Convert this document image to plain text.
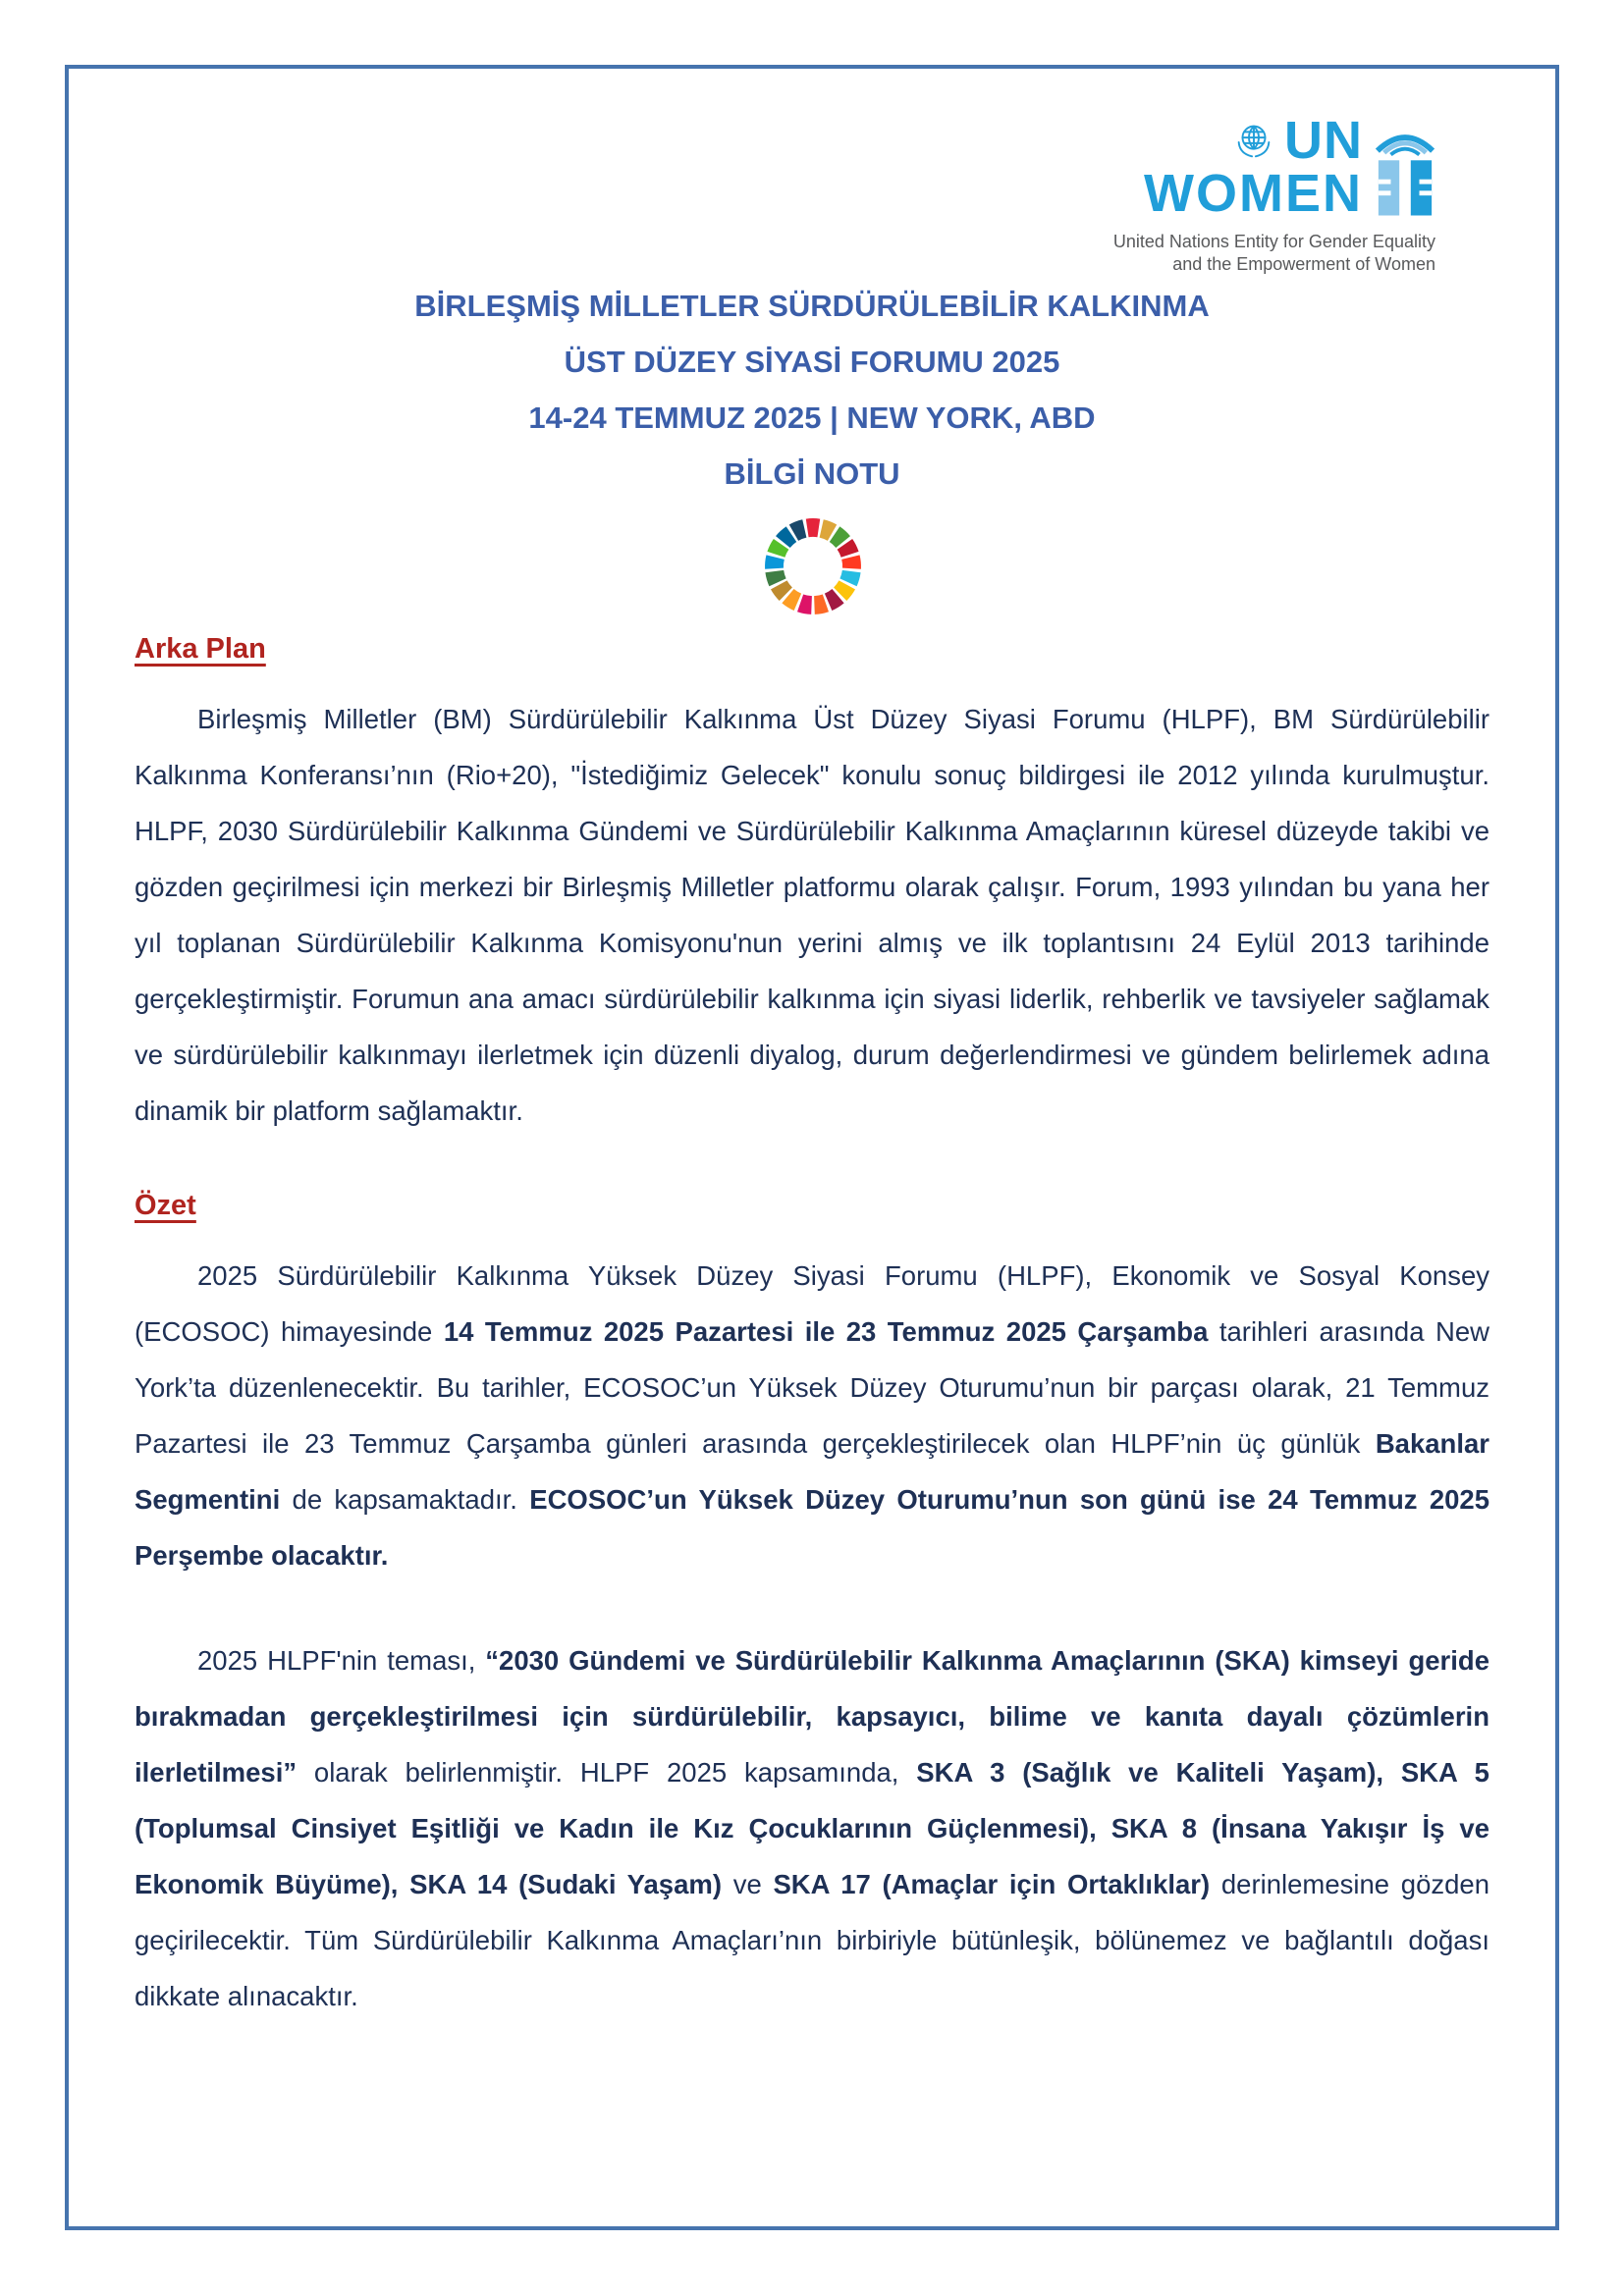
UN
WOMEN
United Nations Entity for Gender Equality
and the Empowerment of Women
BİRLEŞMİŞ MİLLETLER SÜRDÜRÜLEBİLİR KALKINMA
ÜST DÜZEY SİYASİ FORUMU 2025
14-24 TEMMUZ 2025 | NEW YORK, ABD
BİLGİ NOTU
Arka Plan

Birleşmiş Milletler (BM) Sürdürülebilir Kalkınma Üst Düzey Siyasi Forumu (HLPF), BM Sürdürülebilir Kalkınma Konferansı’nın (Rio+20), "İstediğimiz Gelecek" konulu sonuç bildirgesi ile 2012 yılında kurulmuştur. HLPF, 2030 Sürdürülebilir Kalkınma Gündemi ve Sürdürülebilir Kalkınma Amaçlarının küresel düzeyde takibi ve gözden geçirilmesi için merkezi bir Birleşmiş Milletler platformu olarak çalışır. Forum, 1993 yılından bu yana her yıl toplanan Sürdürülebilir Kalkınma Komisyonu'nun yerini almış ve ilk toplantısını 24 Eylül 2013 tarihinde gerçekleştirmiştir. Forumun ana amacı sürdürülebilir kalkınma için siyasi liderlik, rehberlik ve tavsiyeler sağlamak ve sürdürülebilir kalkınmayı ilerletmek için düzenli diyalog, durum değerlendirmesi ve gündem belirlemek adına dinamik bir platform sağlamaktır.

Özet

2025 Sürdürülebilir Kalkınma Yüksek Düzey Siyasi Forumu (HLPF), Ekonomik ve Sosyal Konsey (ECOSOC) himayesinde 14 Temmuz 2025 Pazartesi ile 23 Temmuz 2025 Çarşamba tarihleri arasında New York’ta düzenlenecektir. Bu tarihler, ECOSOC’un Yüksek Düzey Oturumu’nun bir parçası olarak, 21 Temmuz Pazartesi ile 23 Temmuz Çarşamba günleri arasında gerçekleştirilecek olan HLPF’nin üç günlük Bakanlar Segmentini de kapsamaktadır. ECOSOC’un Yüksek Düzey Oturumu’nun son günü ise 24 Temmuz 2025 Perşembe olacaktır.

2025 HLPF'nin teması, “2030 Gündemi ve Sürdürülebilir Kalkınma Amaçlarının (SKA) kimseyi geride bırakmadan gerçekleştirilmesi için sürdürülebilir, kapsayıcı, bilime ve kanıta dayalı çözümlerin ilerletilmesi” olarak belirlenmiştir. HLPF 2025 kapsamında, SKA 3 (Sağlık ve Kaliteli Yaşam), SKA 5 (Toplumsal Cinsiyet Eşitliği ve Kadın ile Kız Çocuklarının Güçlenmesi), SKA 8 (İnsana Yakışır İş ve Ekonomik Büyüme), SKA 14 (Sudaki Yaşam) ve SKA 17 (Amaçlar için Ortaklıklar) derinlemesine gözden geçirilecektir. Tüm Sürdürülebilir Kalkınma Amaçları’nın birbiriyle bütünleşik, bölünemez ve bağlantılı doğası dikkate alınacaktır.
